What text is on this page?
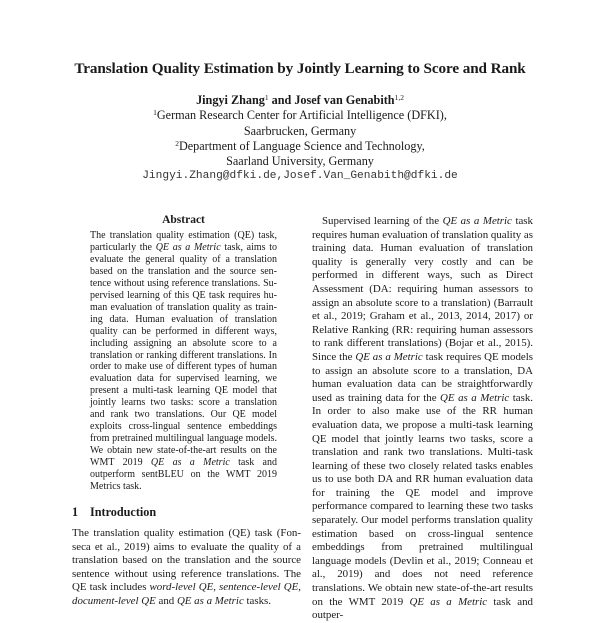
Translation Quality Estimation by Jointly Learning to Score and Rank
Jingyi Zhang$^1$ and Josef van Genabith$^{1,2}$
$^1$German Research Center for Artificial Intelligence (DFKI),
Saarbrucken, Germany
$^2$Department of Language Science and Technology,
Saarland University, Germany
Jingyi.Zhang@dfki.de,Josef.Van_Genabith@dfki.de
Abstract
The translation quality estimation (QE) task, particularly the QE as a Metric task, aims to evaluate the general quality of a translation based on the translation and the source sentence without using reference translations. Supervised learning of this QE task requires human evaluation of translation quality as training data. Human evaluation of translation quality can be performed in different ways, including assigning an absolute score to a translation or ranking different translations. In order to make use of different types of human evaluation data for supervised learning, we present a multi-task learning QE model that jointly learns two tasks: score a translation and rank two translations. Our QE model exploits cross-lingual sentence embeddings from pretrained multilingual language models. We obtain new state-of-the-art results on the WMT 2019 QE as a Metric task and outperform sentBLEU on the WMT 2019 Metrics task.
1 Introduction
The translation quality estimation (QE) task (Fonseca et al., 2019) aims to evaluate the quality of a translation based on the translation and the source sentence without using reference translations. The QE task includes word-level QE, sentence-level QE, document-level QE and QE as a Metric tasks.

Supervised learning of the QE as a Metric task requires human evaluation of translation quality as training data. Human evaluation of translation quality is generally very costly and can be performed in different ways, such as Direct Assessment (DA: requiring human assessors to assign an absolute score to a translation) (Barrault et al., 2019; Graham et al., 2013, 2014, 2017) or Relative Ranking (RR: requiring human assessors to rank different translations) (Bojar et al., 2015). Since the QE as a Metric task requires QE models to assign an absolute score to a translation, DA human evaluation data can be straightforwardly used as training data for the QE as a Metric task. In order to also make use of the RR human evaluation data, we propose a multi-task learning QE model that jointly learns two tasks, score a translation and rank two translations. Multi-task learning of these two closely related tasks enables us to use both DA and RR human evaluation data for training the QE model and improve performance compared to learning these two tasks separately. Our model performs translation quality estimation based on cross-lingual sentence embeddings from pretrained multilingual language models (Devlin et al., 2019; Conneau et al., 2019) and does not need reference translations. We obtain new state-of-the-art results on the WMT 2019 QE as a Metric task and outper-
